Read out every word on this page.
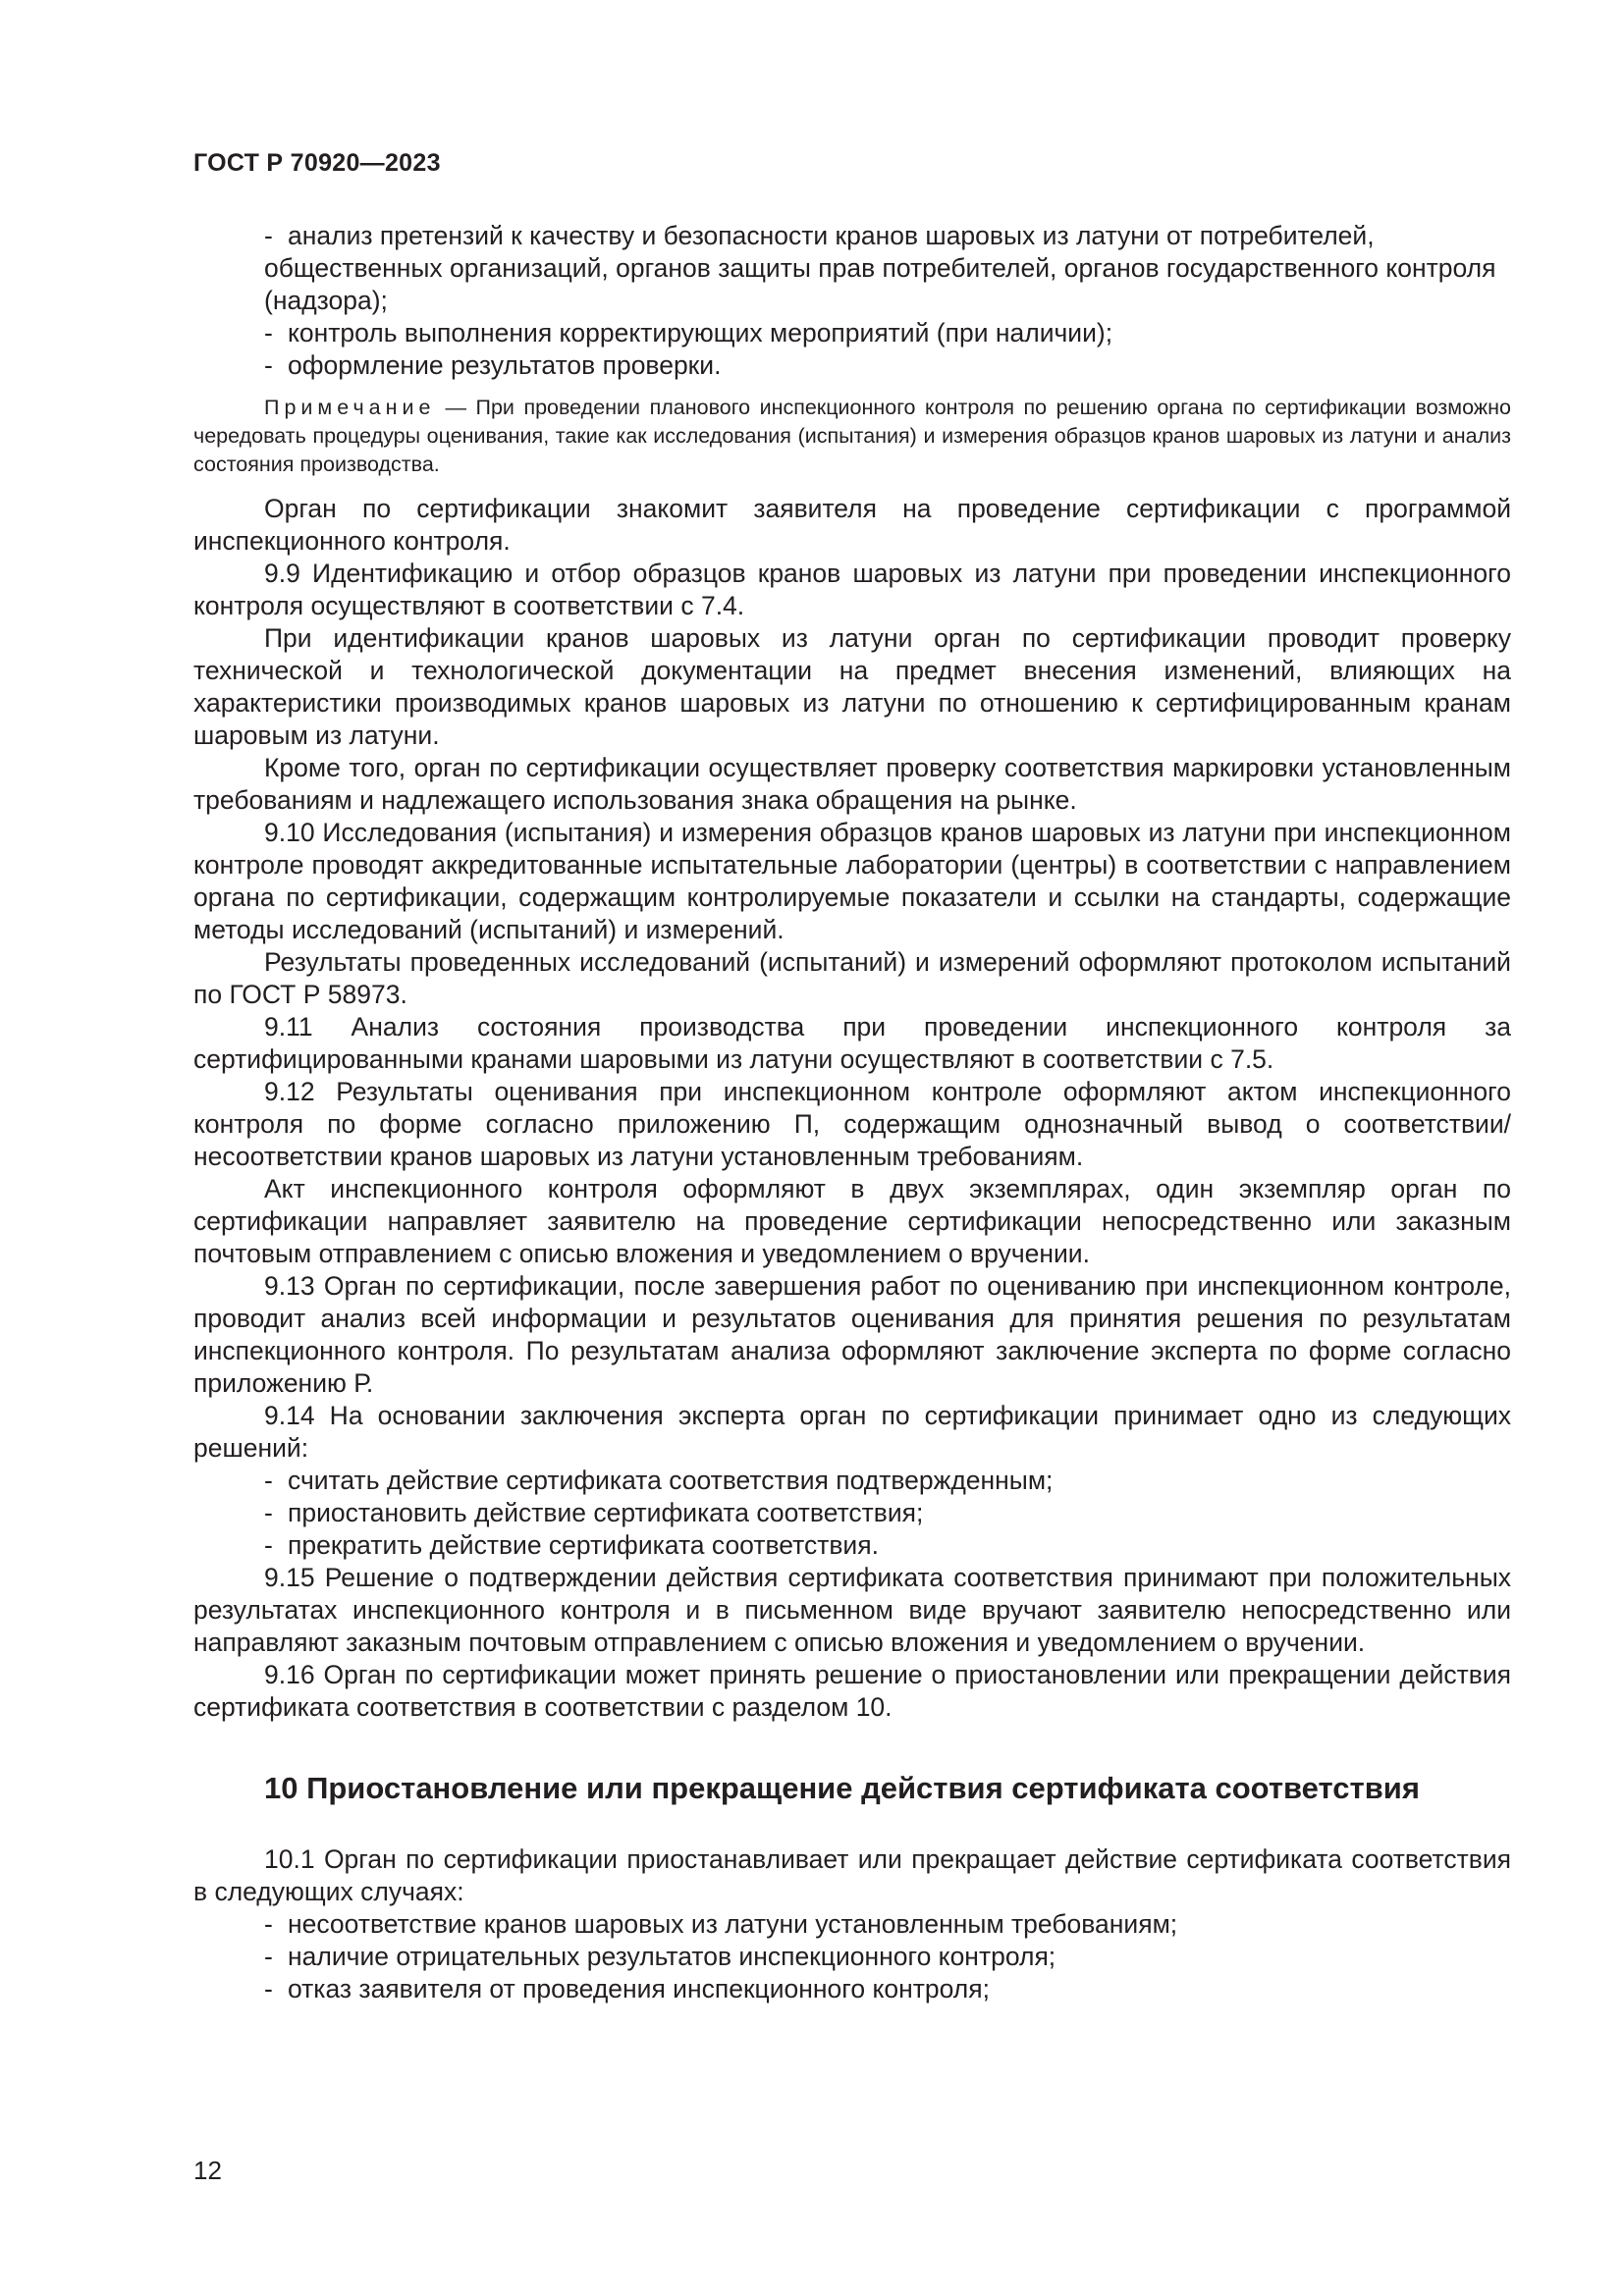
ГОСТ Р 70920—2023

- анализ претензий к качеству и безопасности кранов шаровых из латуни от потребителей, общественных организаций, органов защиты прав потребителей, органов государственного контроля (надзора);

- контроль выполнения корректирующих мероприятий (при наличии);

- оформление результатов проверки.

Примечание — При проведении планового инспекционного контроля по решению органа по сертификации возможно чередовать процедуры оценивания, такие как исследования (испытания) и измерения образцов кранов шаровых из латуни и анализ состояния производства.

Орган по сертификации знакомит заявителя на проведение сертификации с программой инспекционного контроля.

9.9 Идентификацию и отбор образцов кранов шаровых из латуни при проведении инспекционного контроля осуществляют в соответствии с 7.4.

При идентификации кранов шаровых из латуни орган по сертификации проводит проверку технической и технологической документации на предмет внесения изменений, влияющих на характеристики производимых кранов шаровых из латуни по отношению к сертифицированным кранам шаровым из латуни.

Кроме того, орган по сертификации осуществляет проверку соответствия маркировки установленным требованиям и надлежащего использования знака обращения на рынке.

9.10 Исследования (испытания) и измерения образцов кранов шаровых из латуни при инспекционном контроле проводят аккредитованные испытательные лаборатории (центры) в соответствии с направлением органа по сертификации, содержащим контролируемые показатели и ссылки на стандарты, содержащие методы исследований (испытаний) и измерений.

Результаты проведенных исследований (испытаний) и измерений оформляют протоколом испытаний по ГОСТ Р 58973.

9.11 Анализ состояния производства при проведении инспекционного контроля за сертифицированными кранами шаровыми из латуни осуществляют в соответствии с 7.5.

9.12 Результаты оценивания при инспекционном контроле оформляют актом инспекционного контроля по форме согласно приложению П, содержащим однозначный вывод о соответствии/несоответствии кранов шаровых из латуни установленным требованиям.

Акт инспекционного контроля оформляют в двух экземплярах, один экземпляр орган по сертификации направляет заявителю на проведение сертификации непосредственно или заказным почтовым отправлением с описью вложения и уведомлением о вручении.

9.13 Орган по сертификации, после завершения работ по оцениванию при инспекционном контроле, проводит анализ всей информации и результатов оценивания для принятия решения по результатам инспекционного контроля. По результатам анализа оформляют заключение эксперта по форме согласно приложению Р.

9.14 На основании заключения эксперта орган по сертификации принимает одно из следующих решений:

- считать действие сертификата соответствия подтвержденным;

- приостановить действие сертификата соответствия;

- прекратить действие сертификата соответствия.

9.15 Решение о подтверждении действия сертификата соответствия принимают при положительных результатах инспекционного контроля и в письменном виде вручают заявителю непосредственно или направляют заказным почтовым отправлением с описью вложения и уведомлением о вручении.

9.16 Орган по сертификации может принять решение о приостановлении или прекращении действия сертификата соответствия в соответствии с разделом 10.

10 Приостановление или прекращение действия сертификата соответствия

10.1 Орган по сертификации приостанавливает или прекращает действие сертификата соответствия в следующих случаях:

- несоответствие кранов шаровых из латуни установленным требованиям;

- наличие отрицательных результатов инспекционного контроля;

- отказ заявителя от проведения инспекционного контроля;

12
